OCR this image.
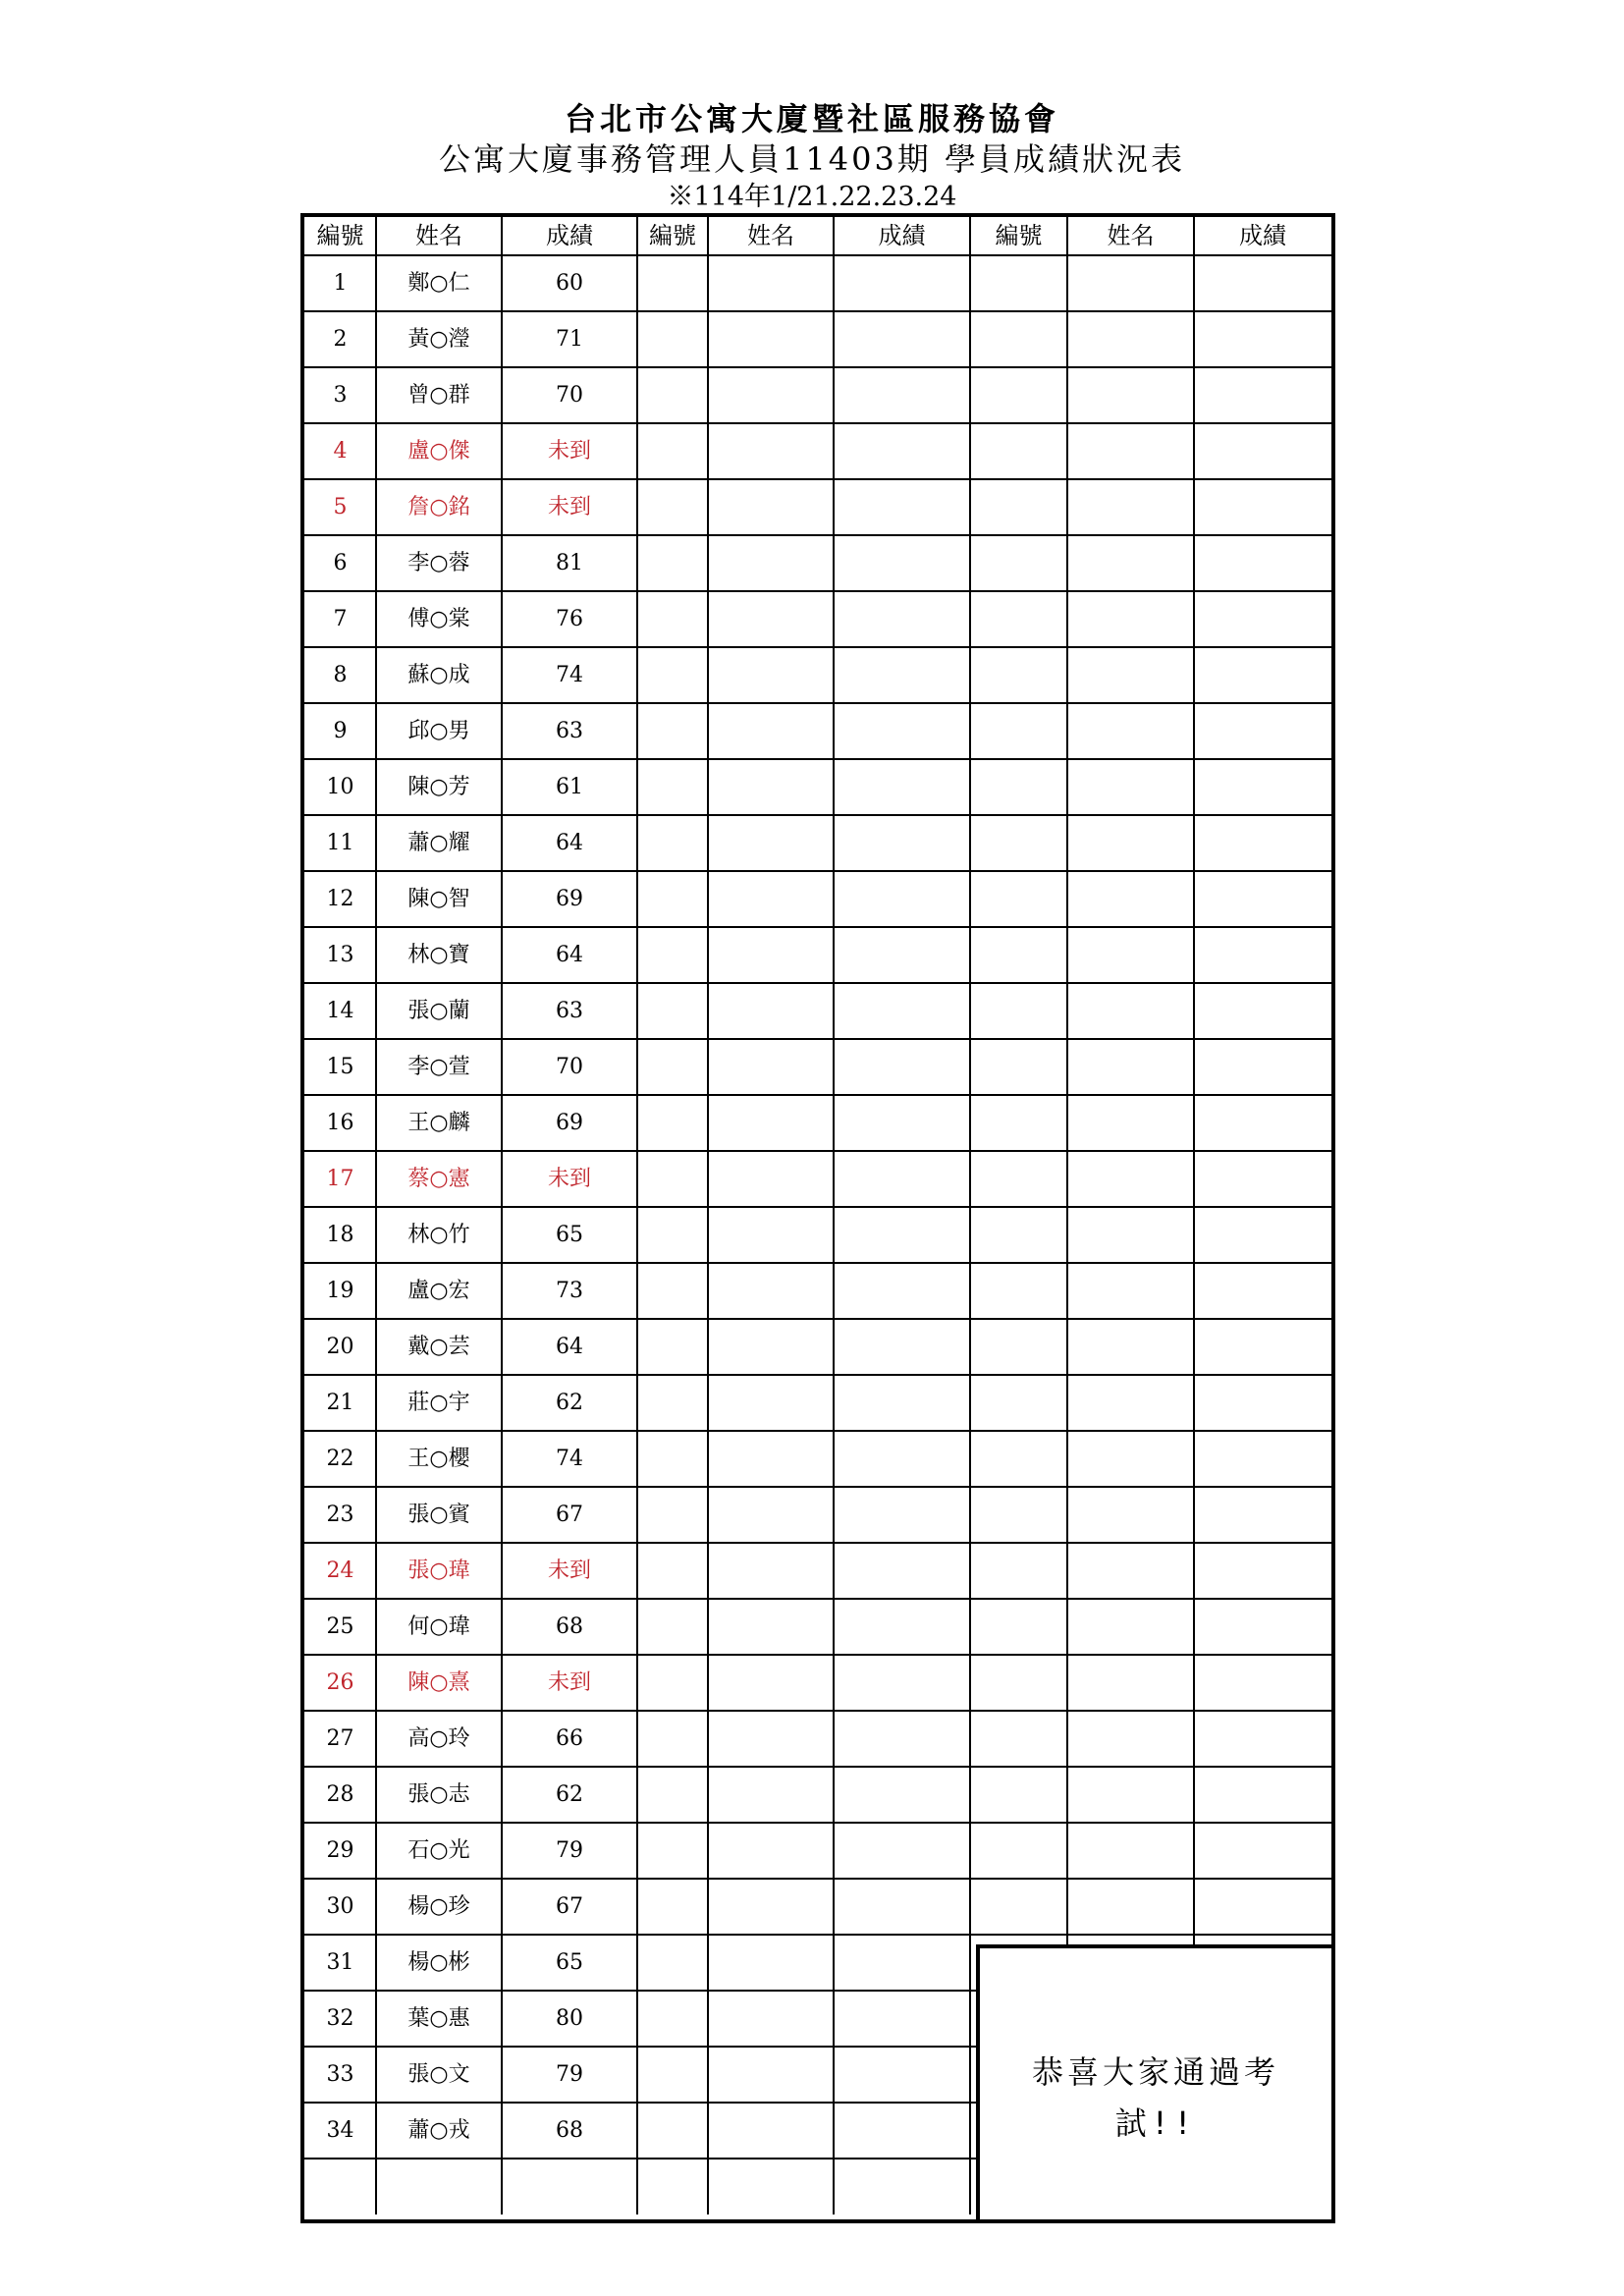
台北市公寓大廈暨社區服務協會
公寓大廈事務管理人員11403期 學員成績狀況表
※114年1/21.22.23.24
編號	姓名	成績	編號	姓名	成績	編號	姓名	成績
1	鄭○仁	60
2	黃○瀅	71
3	曾○群	70
4	盧○傑	未到
5	詹○銘	未到
6	李○蓉	81
7	傅○棠	76
8	蘇○成	74
9	邱○男	63
10	陳○芳	61
11	蕭○耀	64
12	陳○智	69
13	林○寶	64
14	張○蘭	63
15	李○萱	70
16	王○麟	69
17	蔡○憲	未到
18	林○竹	65
19	盧○宏	73
20	戴○芸	64
21	莊○宇	62
22	王○櫻	74
23	張○賓	67
24	張○瑋	未到
25	何○瑋	68
26	陳○熹	未到
27	高○玲	66
28	張○志	62
29	石○光	79
30	楊○珍	67
31	楊○彬	65
32	葉○惠	80
33	張○文	79
34	蕭○戎	68
恭喜大家通過考試!!
